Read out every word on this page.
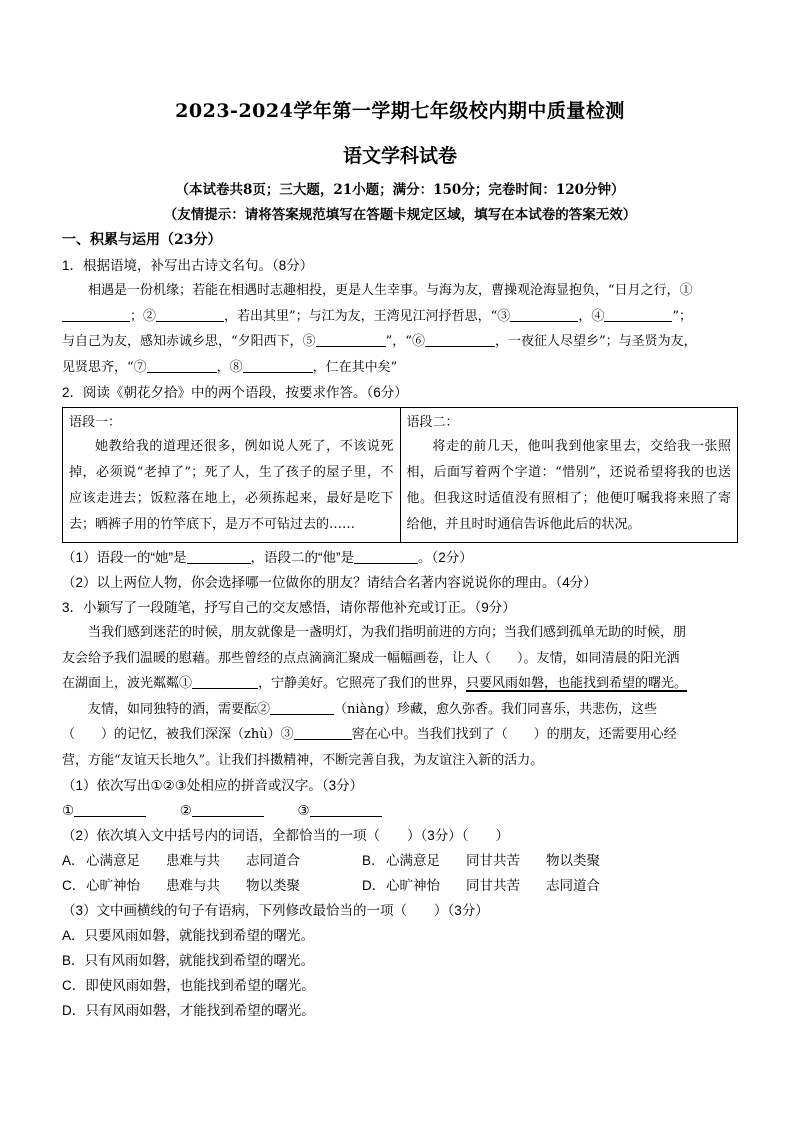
2023-2024学年第一学期七年级校内期中质量检测
语文学科试卷

（本试卷共8页；三大题，21小题；满分：150分；完卷时间：120分钟）

（友情提示：请将答案规范填写在答题卡规定区域，填写在本试卷的答案无效）

一、积累与运用（23分）

1．根据语境，补写出古诗文名句。（8分）

相遇是一份机缘；若能在相遇时志趣相投，更是人生幸事。与海为友，曹操观沧海显抱负，“日月之行，①

；②	，若出其里”；与江为友，王湾见江河抒哲思，“③	，④	”；

与自己为友，感知赤诚乡思，“夕阳西下，⑤	”，“⑥	，一夜征人尽望乡”；与圣贤为友，

见贤思齐，“⑦	，⑧	，仁在其中矣”

2．阅读《朝花夕拾》中的两个语段，按要求作答。（6分）

语段一：

她教给我的道理还很多，例如说人死了，不该说死掉，必须说“老掉了”；死了人，生了孩子的屋子里，不应该走进去；饭粒落在地上，必须拣起来，最好是吃下去；晒裤子用的竹竿底下，是万不可钻过去的……

语段二：

将走的前几天，他叫我到他家里去，交给我一张照相，后面写着两个字道：“惜别”，还说希望将我的也送他。但我这时适值没有照相了；他便叮嘱我将来照了寄给他，并且时时通信告诉他此后的状况。

（1）语段一的“她”是	，语段二的“他”是	。（2分）

（2）以上两位人物，你会选择哪一位做你的朋友？请结合名著内容说说你的理由。（4分）

3．小颖写了一段随笔，抒写自己的交友感悟，请你帮他补充或订正。（9分）

当我们感到迷茫的时候，朋友就像是一盏明灯，为我们指明前进的方向；当我们感到孤单无助的时候，朋

友会给予我们温暖的慰藉。那些曾经的点点滴滴汇聚成一幅幅画卷，让人（　　）。友情，如同清晨的阳光洒

在湖面上，波光粼粼①	，宁静美好。它照亮了我们的世界，只要风雨如磐，也能找到希望的曙光。

友情，如同独特的酒，需要酝②	（niàng）珍藏，愈久弥香。我们同喜乐，共悲伤，这些

（　　）的记忆，被我们深深（zhù）③	窖在心中。当我们找到了（　　）的朋友，还需要用心经

营，方能“友谊天长地久”。让我们抖擞精神，不断完善自我，为友谊注入新的活力。

（1）依次写出①②③处相应的拼音或汉字。（3分）

①	②	③

（2）依次填入文中括号内的词语，全都恰当的一项（　　）（3分）（　　）

A．心满意足 患难与共 志同道合	B．心满意足 同甘共苦 物以类聚

C．心旷神怡 患难与共 物以类聚	D．心旷神怡 同甘共苦 志同道合

（3）文中画横线的句子有语病，下列修改最恰当的一项（　　）（3分）

A．只要风雨如磐，就能找到希望的曙光。

B．只有风雨如磐，就能找到希望的曙光。

C．即使风雨如磐，也能找到希望的曙光。

D．只有风雨如磐，才能找到希望的曙光。
